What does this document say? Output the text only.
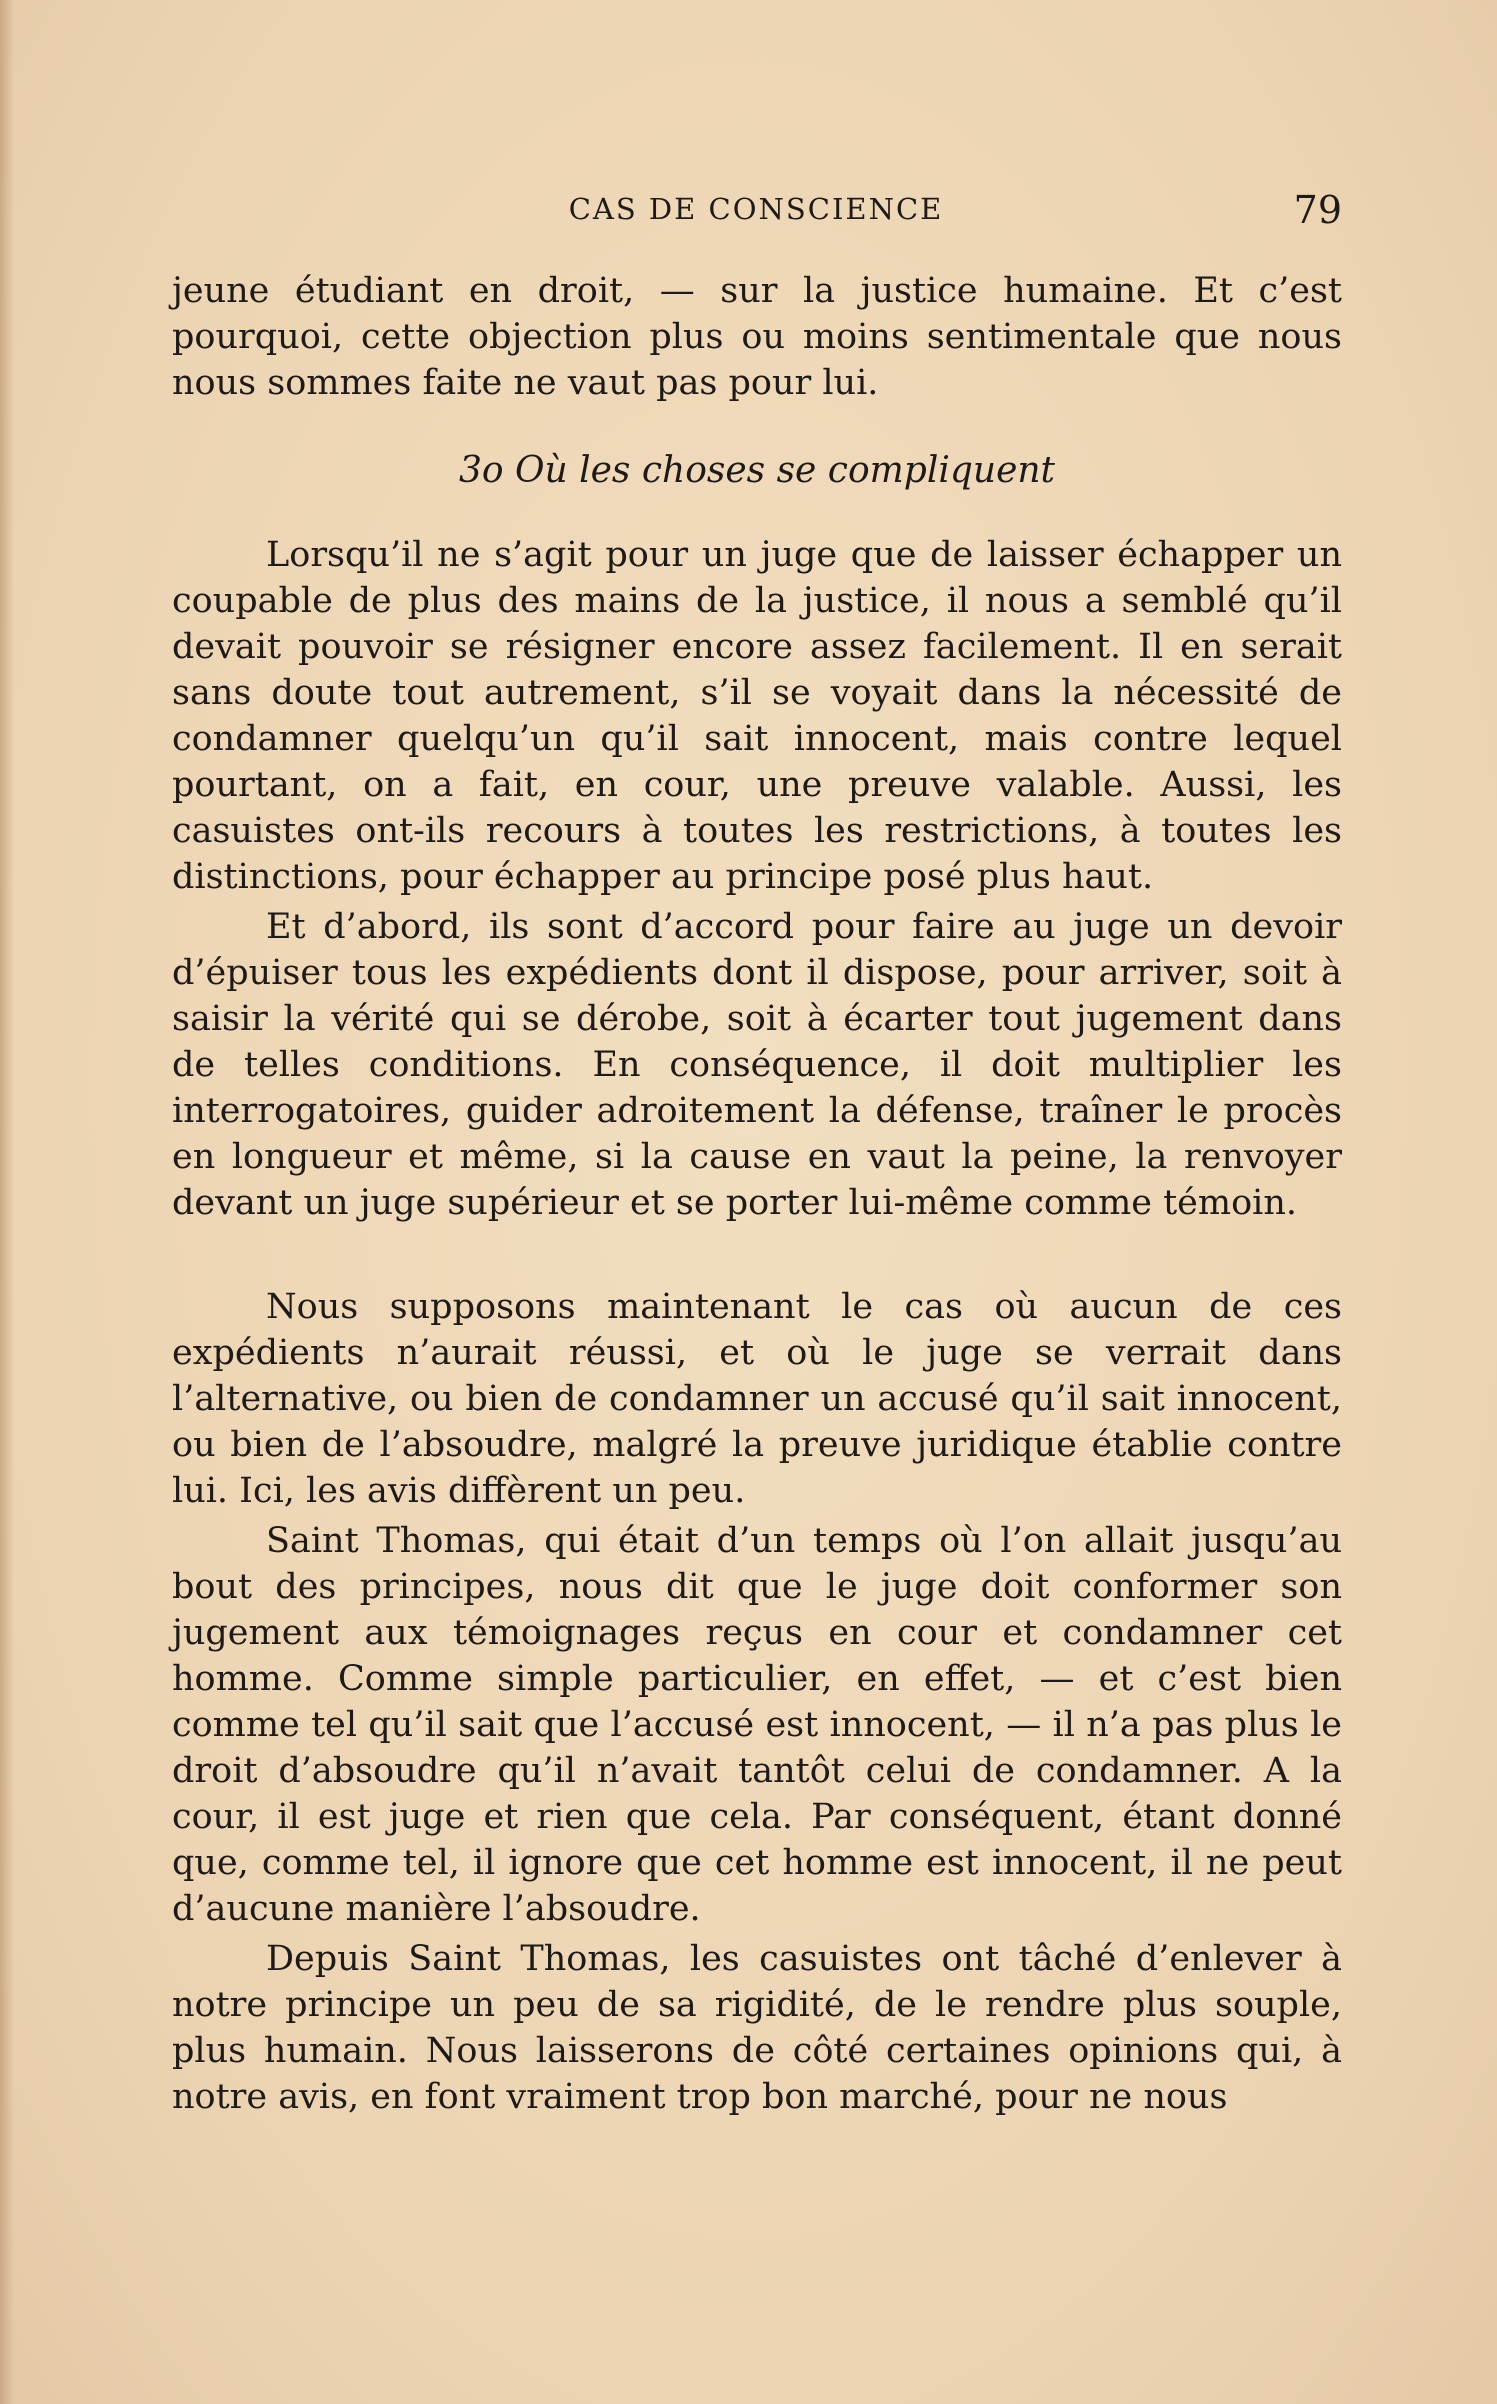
CAS DE CONSCIENCE	79

jeune étudiant en droit, — sur la justice humaine. Et c’est pourquoi, cette objection plus ou moins sentimentale que nous nous sommes faite ne vaut pas pour lui.

3o Où les choses se compliquent

Lorsqu’il ne s’agit pour un juge que de laisser échapper un coupable de plus des mains de la justice, il nous a semblé qu’il devait pouvoir se résigner encore assez facilement. Il en serait sans doute tout autrement, s’il se voyait dans la nécessité de condamner quelqu’un qu’il sait innocent, mais contre lequel pourtant, on a fait, en cour, une preuve valable. Aussi, les casuistes ont-ils recours à toutes les restrictions, à toutes les distinctions, pour échapper au principe posé plus haut.

Et d’abord, ils sont d’accord pour faire au juge un devoir d’épuiser tous les expédients dont il dispose, pour arriver, soit à saisir la vérité qui se dérobe, soit à écarter tout jugement dans de telles conditions. En conséquence, il doit multiplier les interrogatoires, guider adroitement la défense, traîner le procès en longueur et même, si la cause en vaut la peine, la renvoyer devant un juge supérieur et se porter lui-même comme témoin.

Nous supposons maintenant le cas où aucun de ces expédients n’aurait réussi, et où le juge se verrait dans l’alternative, ou bien de condamner un accusé qu’il sait innocent, ou bien de l’absoudre, malgré la preuve juridique établie contre lui. Ici, les avis diffèrent un peu.

Saint Thomas, qui était d’un temps où l’on allait jusqu’au bout des principes, nous dit que le juge doit conformer son jugement aux témoignages reçus en cour et condamner cet homme. Comme simple particulier, en effet, — et c’est bien comme tel qu’il sait que l’accusé est innocent, — il n’a pas plus le droit d’absoudre qu’il n’avait tantôt celui de condamner. A la cour, il est juge et rien que cela. Par conséquent, étant donné que, comme tel, il ignore que cet homme est innocent, il ne peut d’aucune manière l’absoudre.

Depuis Saint Thomas, les casuistes ont tâché d’enlever à notre principe un peu de sa rigidité, de le rendre plus souple, plus humain. Nous laisserons de côté certaines opinions qui, à notre avis, en font vraiment trop bon marché, pour ne nous
